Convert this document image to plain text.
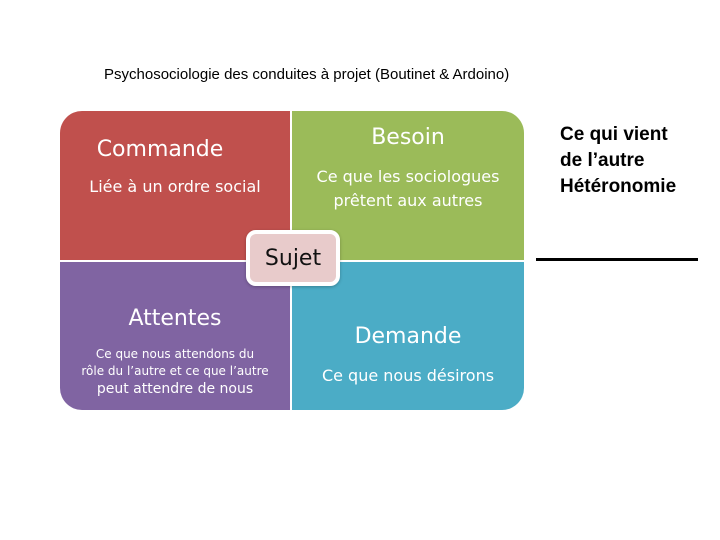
Psychosociologie des conduites à projet (Boutinet & Ardoino)
Commande
Liée à un ordre social
Besoin
Ce que les sociologues
prêtent aux autres
Attentes
Ce que nous attendons du
rôle du l’autre et ce que l’autre
peut attendre de nous
Demande
Ce que nous désirons
Sujet
Ce qui vient
de l’autre
Hétéronomie
